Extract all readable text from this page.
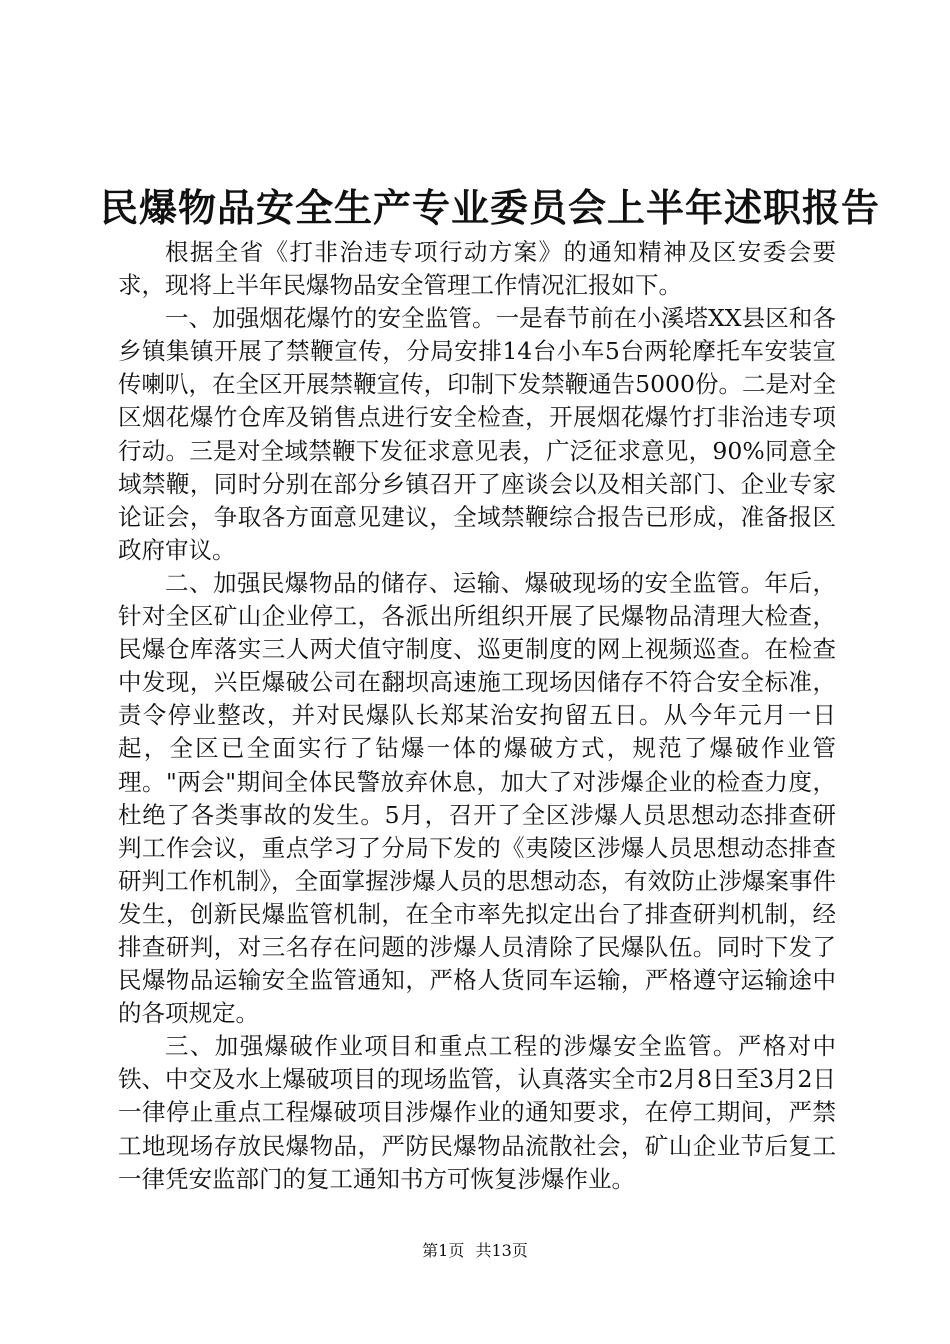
民爆物品安全生产专业委员会上半年述职报告

根据全省《打非治违专项行动方案》的通知精神及区安委会要求，现将上半年民爆物品安全管理工作情况汇报如下。

一、加强烟花爆竹的安全监管。一是春节前在小溪塔XX县区和各乡镇集镇开展了禁鞭宣传，分局安排14台小车5台两轮摩托车安装宣传喇叭，在全区开展禁鞭宣传，印制下发禁鞭通告5000份。二是对全区烟花爆竹仓库及销售点进行安全检查，开展烟花爆竹打非治违专项行动。三是对全域禁鞭下发征求意见表，广泛征求意见，90%同意全域禁鞭，同时分别在部分乡镇召开了座谈会以及相关部门、企业专家论证会，争取各方面意见建议，全域禁鞭综合报告已形成，准备报区政府审议。

二、加强民爆物品的储存、运输、爆破现场的安全监管。年后，针对全区矿山企业停工，各派出所组织开展了民爆物品清理大检查，民爆仓库落实三人两犬值守制度、巡更制度的网上视频巡查。在检查中发现，兴臣爆破公司在翻坝高速施工现场因储存不符合安全标准，责令停业整改，并对民爆队长郑某治安拘留五日。从今年元月一日起，全区已全面实行了钻爆一体的爆破方式，规范了爆破作业管理。"两会"期间全体民警放弃休息，加大了对涉爆企业的检查力度，杜绝了各类事故的发生。5月，召开了全区涉爆人员思想动态排查研判工作会议，重点学习了分局下发的《夷陵区涉爆人员思想动态排查研判工作机制》，全面掌握涉爆人员的思想动态，有效防止涉爆案事件发生，创新民爆监管机制，在全市率先拟定出台了排查研判机制，经排查研判，对三名存在问题的涉爆人员清除了民爆队伍。同时下发了民爆物品运输安全监管通知，严格人货同车运输，严格遵守运输途中的各项规定。

三、加强爆破作业项目和重点工程的涉爆安全监管。严格对中铁、中交及水上爆破项目的现场监管，认真落实全市2月8日至3月2日一律停止重点工程爆破项目涉爆作业的通知要求，在停工期间，严禁工地现场存放民爆物品，严防民爆物品流散社会，矿山企业节后复工一律凭安监部门的复工通知书方可恢复涉爆作业。

第1页 共13页
